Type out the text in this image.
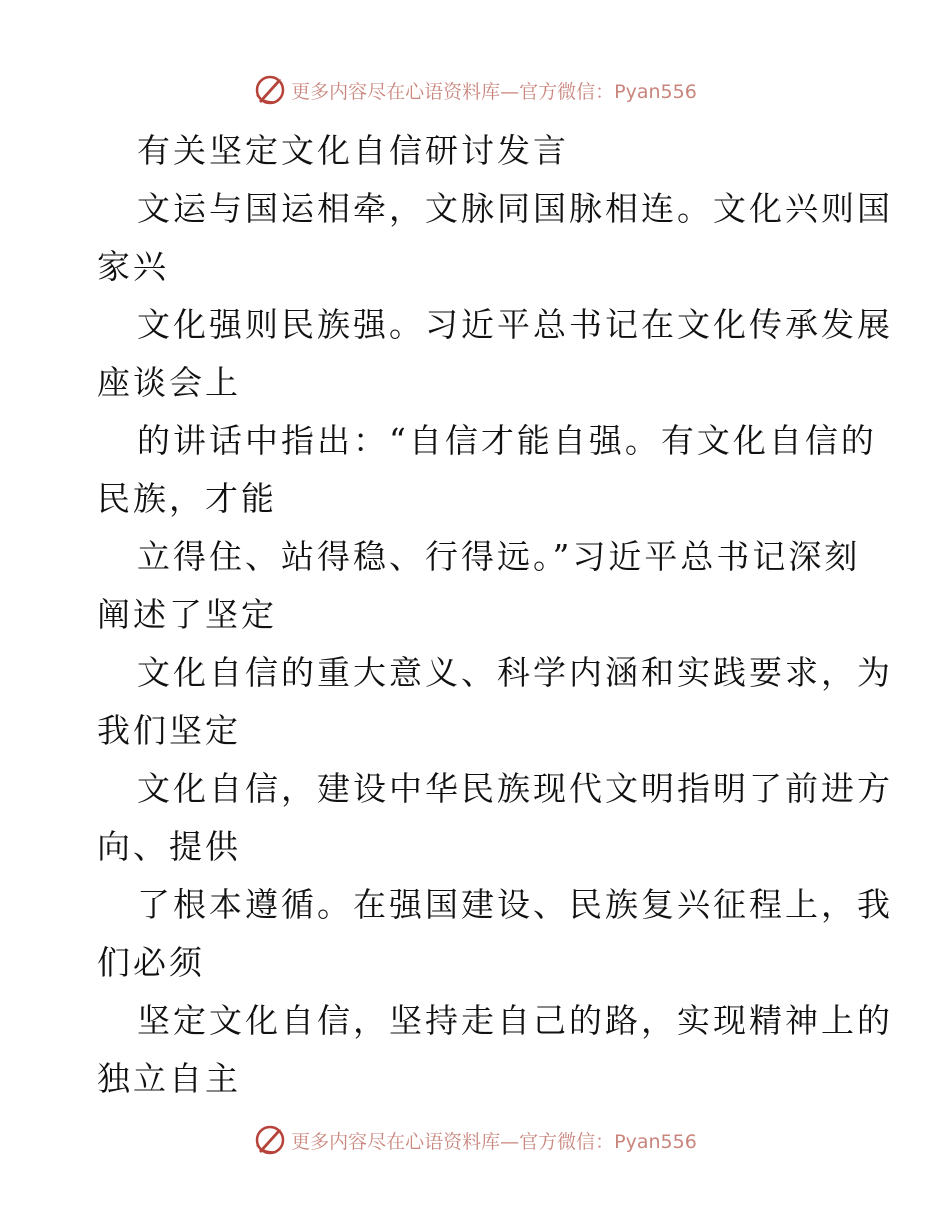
更多内容尽在心语资料库—官方微信：Pyan556
有关坚定文化自信研讨发言
文运与国运相牵，文脉同国脉相连。文化兴则国
家兴
文化强则民族强。习近平总书记在文化传承发展
座谈会上
的讲话中指出：“自信才能自强。有文化自信的
民族，才能
立得住、站得稳、行得远。”习近平总书记深刻
阐述了坚定
文化自信的重大意义、科学内涵和实践要求，为
我们坚定
文化自信，建设中华民族现代文明指明了前进方
向、提供
了根本遵循。在强国建设、民族复兴征程上，我
们必须
坚定文化自信，坚持走自己的路，实现精神上的
独立自主
更多内容尽在心语资料库—官方微信：Pyan556
